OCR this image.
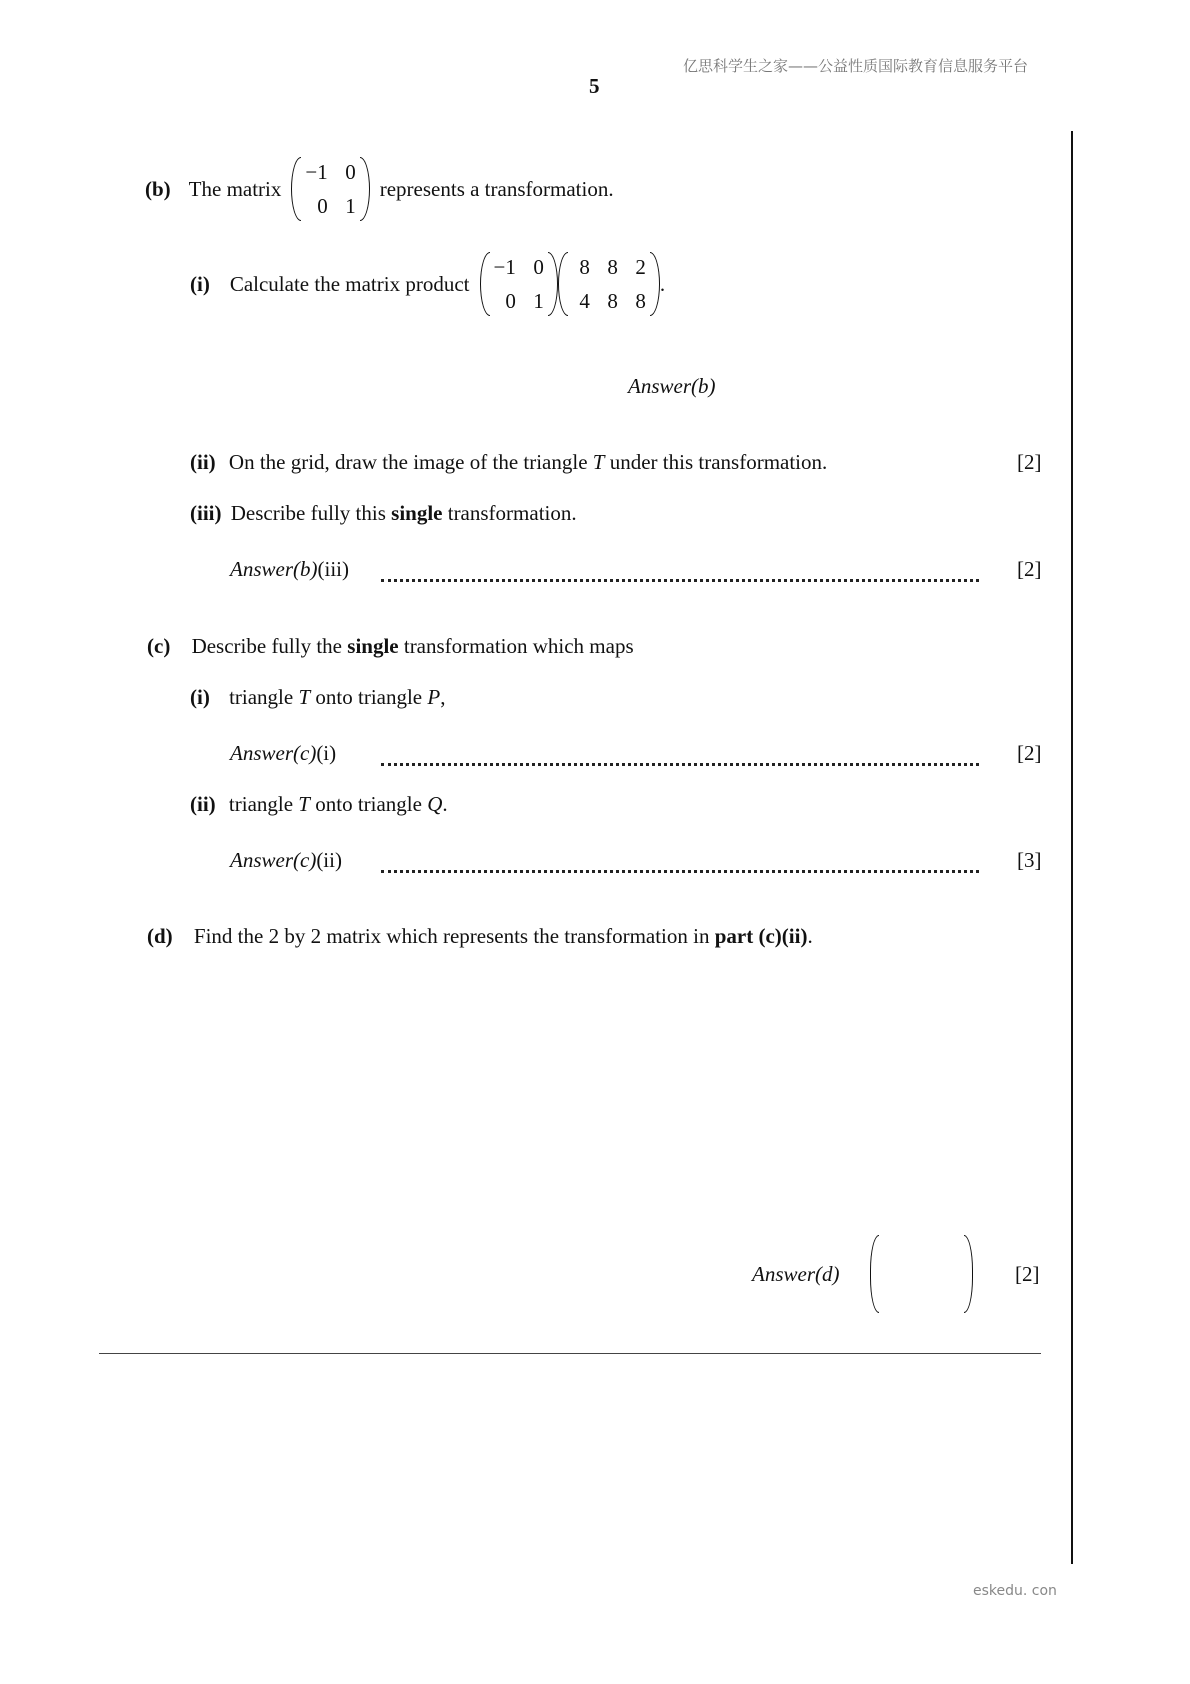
亿思科学生之家——公益性质国际教育信息服务平台
5
(b) The matrix
−1 0
0 1
represents a transformation.
(i) Calculate the matrix product
−1 0
0 1
8 8 2
4 8 8
.
Answer(b)
(ii) On the grid, draw the image of the triangle T under this transformation.	[2]
(iii) Describe fully this single transformation.
Answer(b)(iii)	[2]
(c) Describe fully the single transformation which maps
(i) triangle T onto triangle P,
Answer(c)(i)	[2]
(ii) triangle T onto triangle Q.
Answer(c)(ii)	[3]
(d) Find the 2 by 2 matrix which represents the transformation in part (c)(ii).
Answer(d)	[2]
eskedu. con
